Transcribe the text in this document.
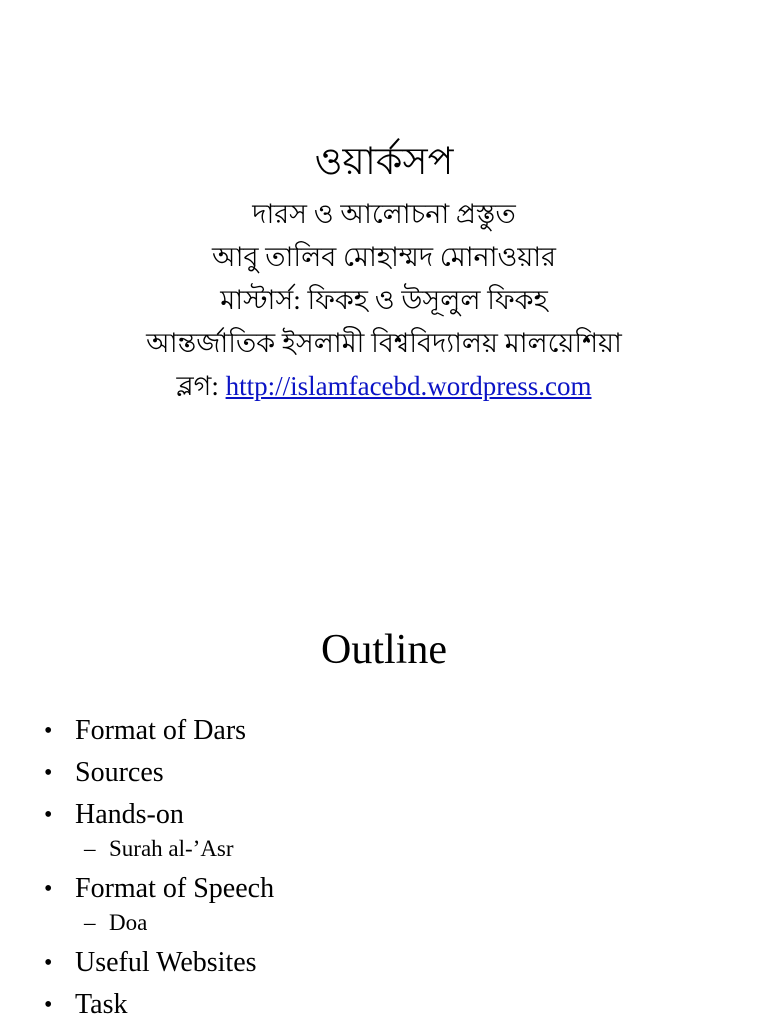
ওয়ার্কসপ
দারস ও আলোচনা প্রস্তুত
আবু তালিব মোহাম্মদ মোনাওয়ার
মাস্টার্স: ফিকহ ও উসূলুল ফিকহ
আন্তর্জাতিক ইসলামী বিশ্ববিদ্যালয় মালয়েশিয়া
ব্লগ: http://islamfacebd.wordpress.com
Outline
• Format of Dars
• Sources
• Hands-on
– Surah al-’Asr
• Format of Speech
– Doa
• Useful Websites
• Task
